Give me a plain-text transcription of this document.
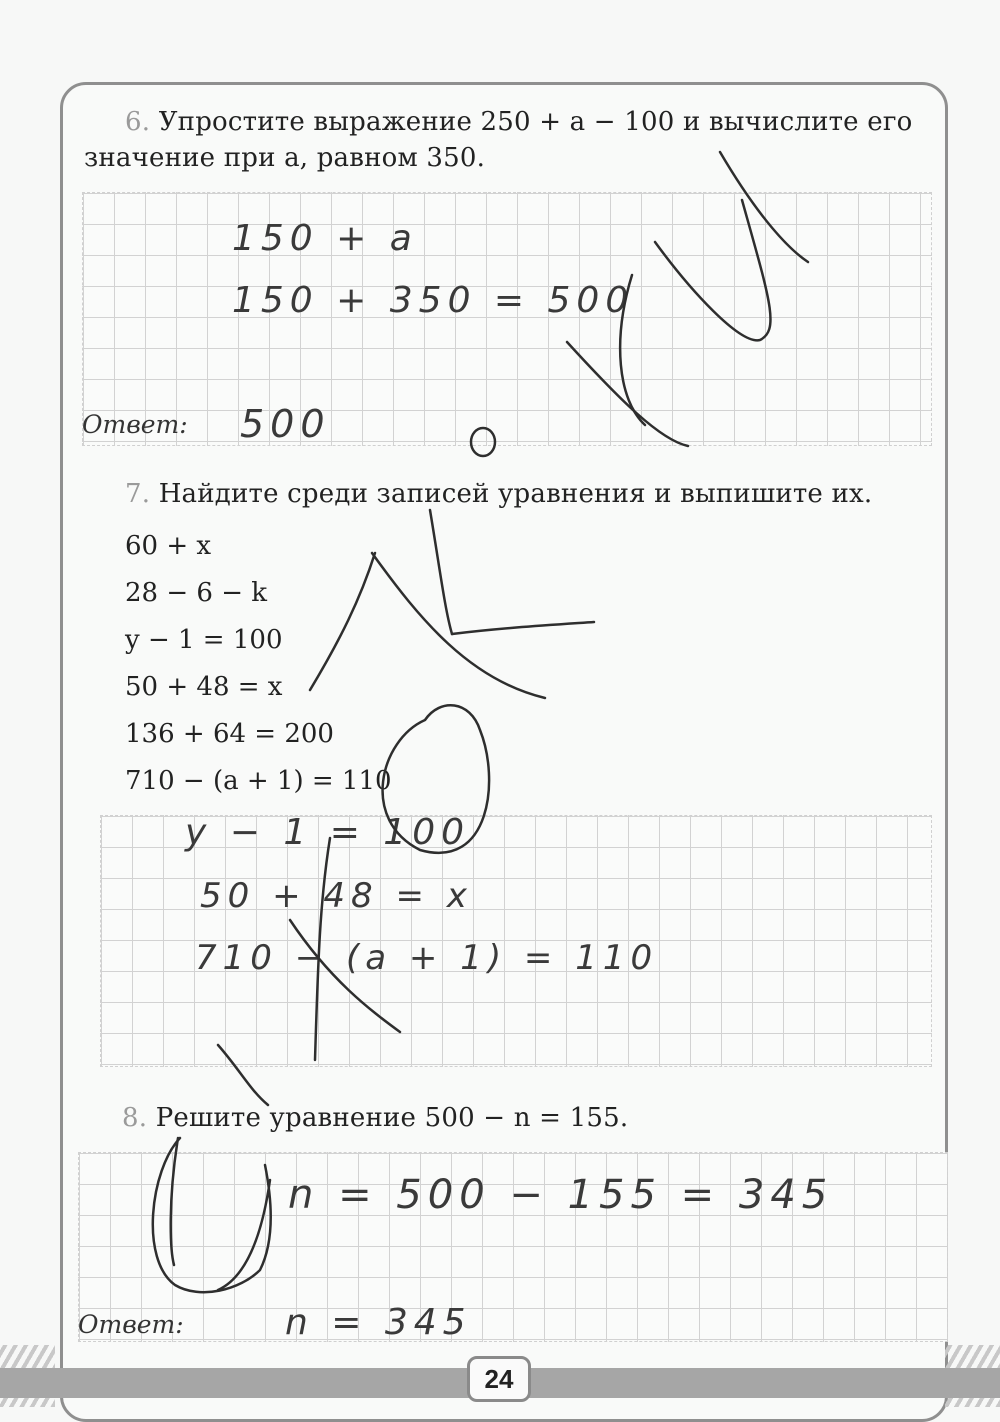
24
6. Упростите выражение 250 + a − 100 и вычислите его
значение при a, равном 350.
150 + a
150 + 350 = 500
Ответ: 500
7. Найдите среди записей уравнения и выпишите их.
60 + x
28 − 6 − k
y − 1 = 100
50 + 48 = x
136 + 64 = 200
710 − (a + 1) = 110
y − 1 = 100
50 + 48 = x
710 − (a + 1) = 110
8. Решите уравнение 500 − n = 155.
n = 500 − 155 = 345
Ответ:	n = 345
